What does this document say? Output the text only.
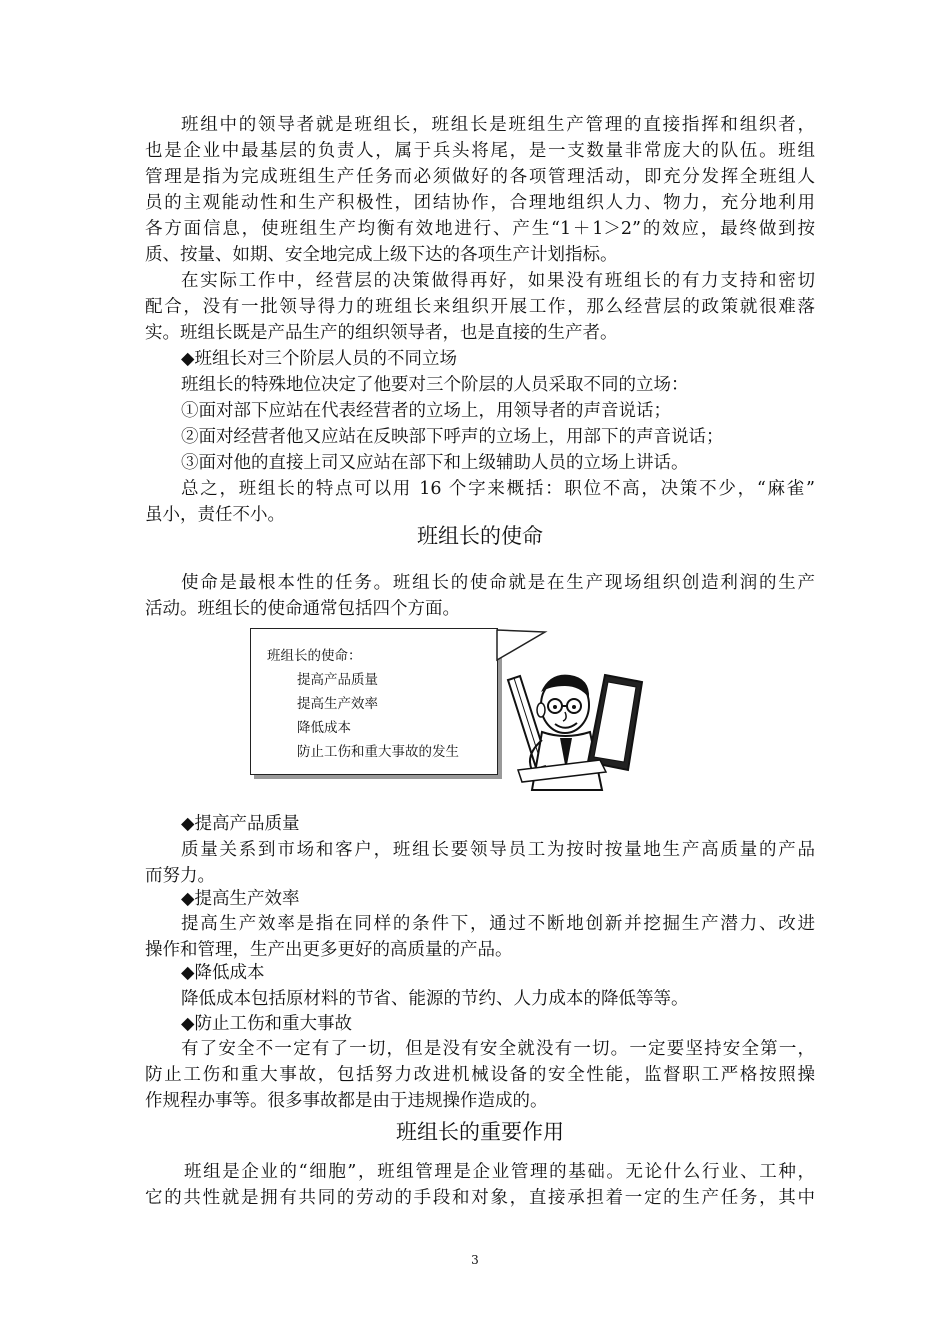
班组中的领导者就是班组长，班组长是班组生产管理的直接指挥和组织者，
也是企业中最基层的负责人，属于兵头将尾，是一支数量非常庞大的队伍。班组
管理是指为完成班组生产任务而必须做好的各项管理活动，即充分发挥全班组人
员的主观能动性和生产积极性，团结协作，合理地组织人力、物力，充分地利用
各方面信息，使班组生产均衡有效地进行、产生“1＋1＞2”的效应，最终做到按
质、按量、如期、安全地完成上级下达的各项生产计划指标。
在实际工作中，经营层的决策做得再好，如果没有班组长的有力支持和密切
配合，没有一批领导得力的班组长来组织开展工作，那么经营层的政策就很难落
实。班组长既是产品生产的组织领导者，也是直接的生产者。
◆班组长对三个阶层人员的不同立场
班组长的特殊地位决定了他要对三个阶层的人员采取不同的立场：
①面对部下应站在代表经营者的立场上，用领导者的声音说话；
②面对经营者他又应站在反映部下呼声的立场上，用部下的声音说话；
③面对他的直接上司又应站在部下和上级辅助人员的立场上讲话。
总之，班组长的特点可以用 16 个字来概括：职位不高，决策不少，“麻雀”
虽小，责任不小。
班组长的使命
使命是最根本性的任务。班组长的使命就是在生产现场组织创造利润的生产
活动。班组长的使命通常包括四个方面。
班组长的使命：
提高产品质量
提高生产效率
降低成本
防止工伤和重大事故的发生
◆提高产品质量
质量关系到市场和客户，班组长要领导员工为按时按量地生产高质量的产品
而努力。
◆提高生产效率
提高生产效率是指在同样的条件下，通过不断地创新并挖掘生产潜力、改进
操作和管理，生产出更多更好的高质量的产品。
◆降低成本
降低成本包括原材料的节省、能源的节约、人力成本的降低等等。
◆防止工伤和重大事故
有了安全不一定有了一切，但是没有安全就没有一切。一定要坚持安全第一，
防止工伤和重大事故，包括努力改进机械设备的安全性能，监督职工严格按照操
作规程办事等。很多事故都是由于违规操作造成的。
班组长的重要作用
班组是企业的“细胞”，班组管理是企业管理的基础。无论什么行业、工种，
它的共性就是拥有共同的劳动的手段和对象，直接承担着一定的生产任务，其中
3
